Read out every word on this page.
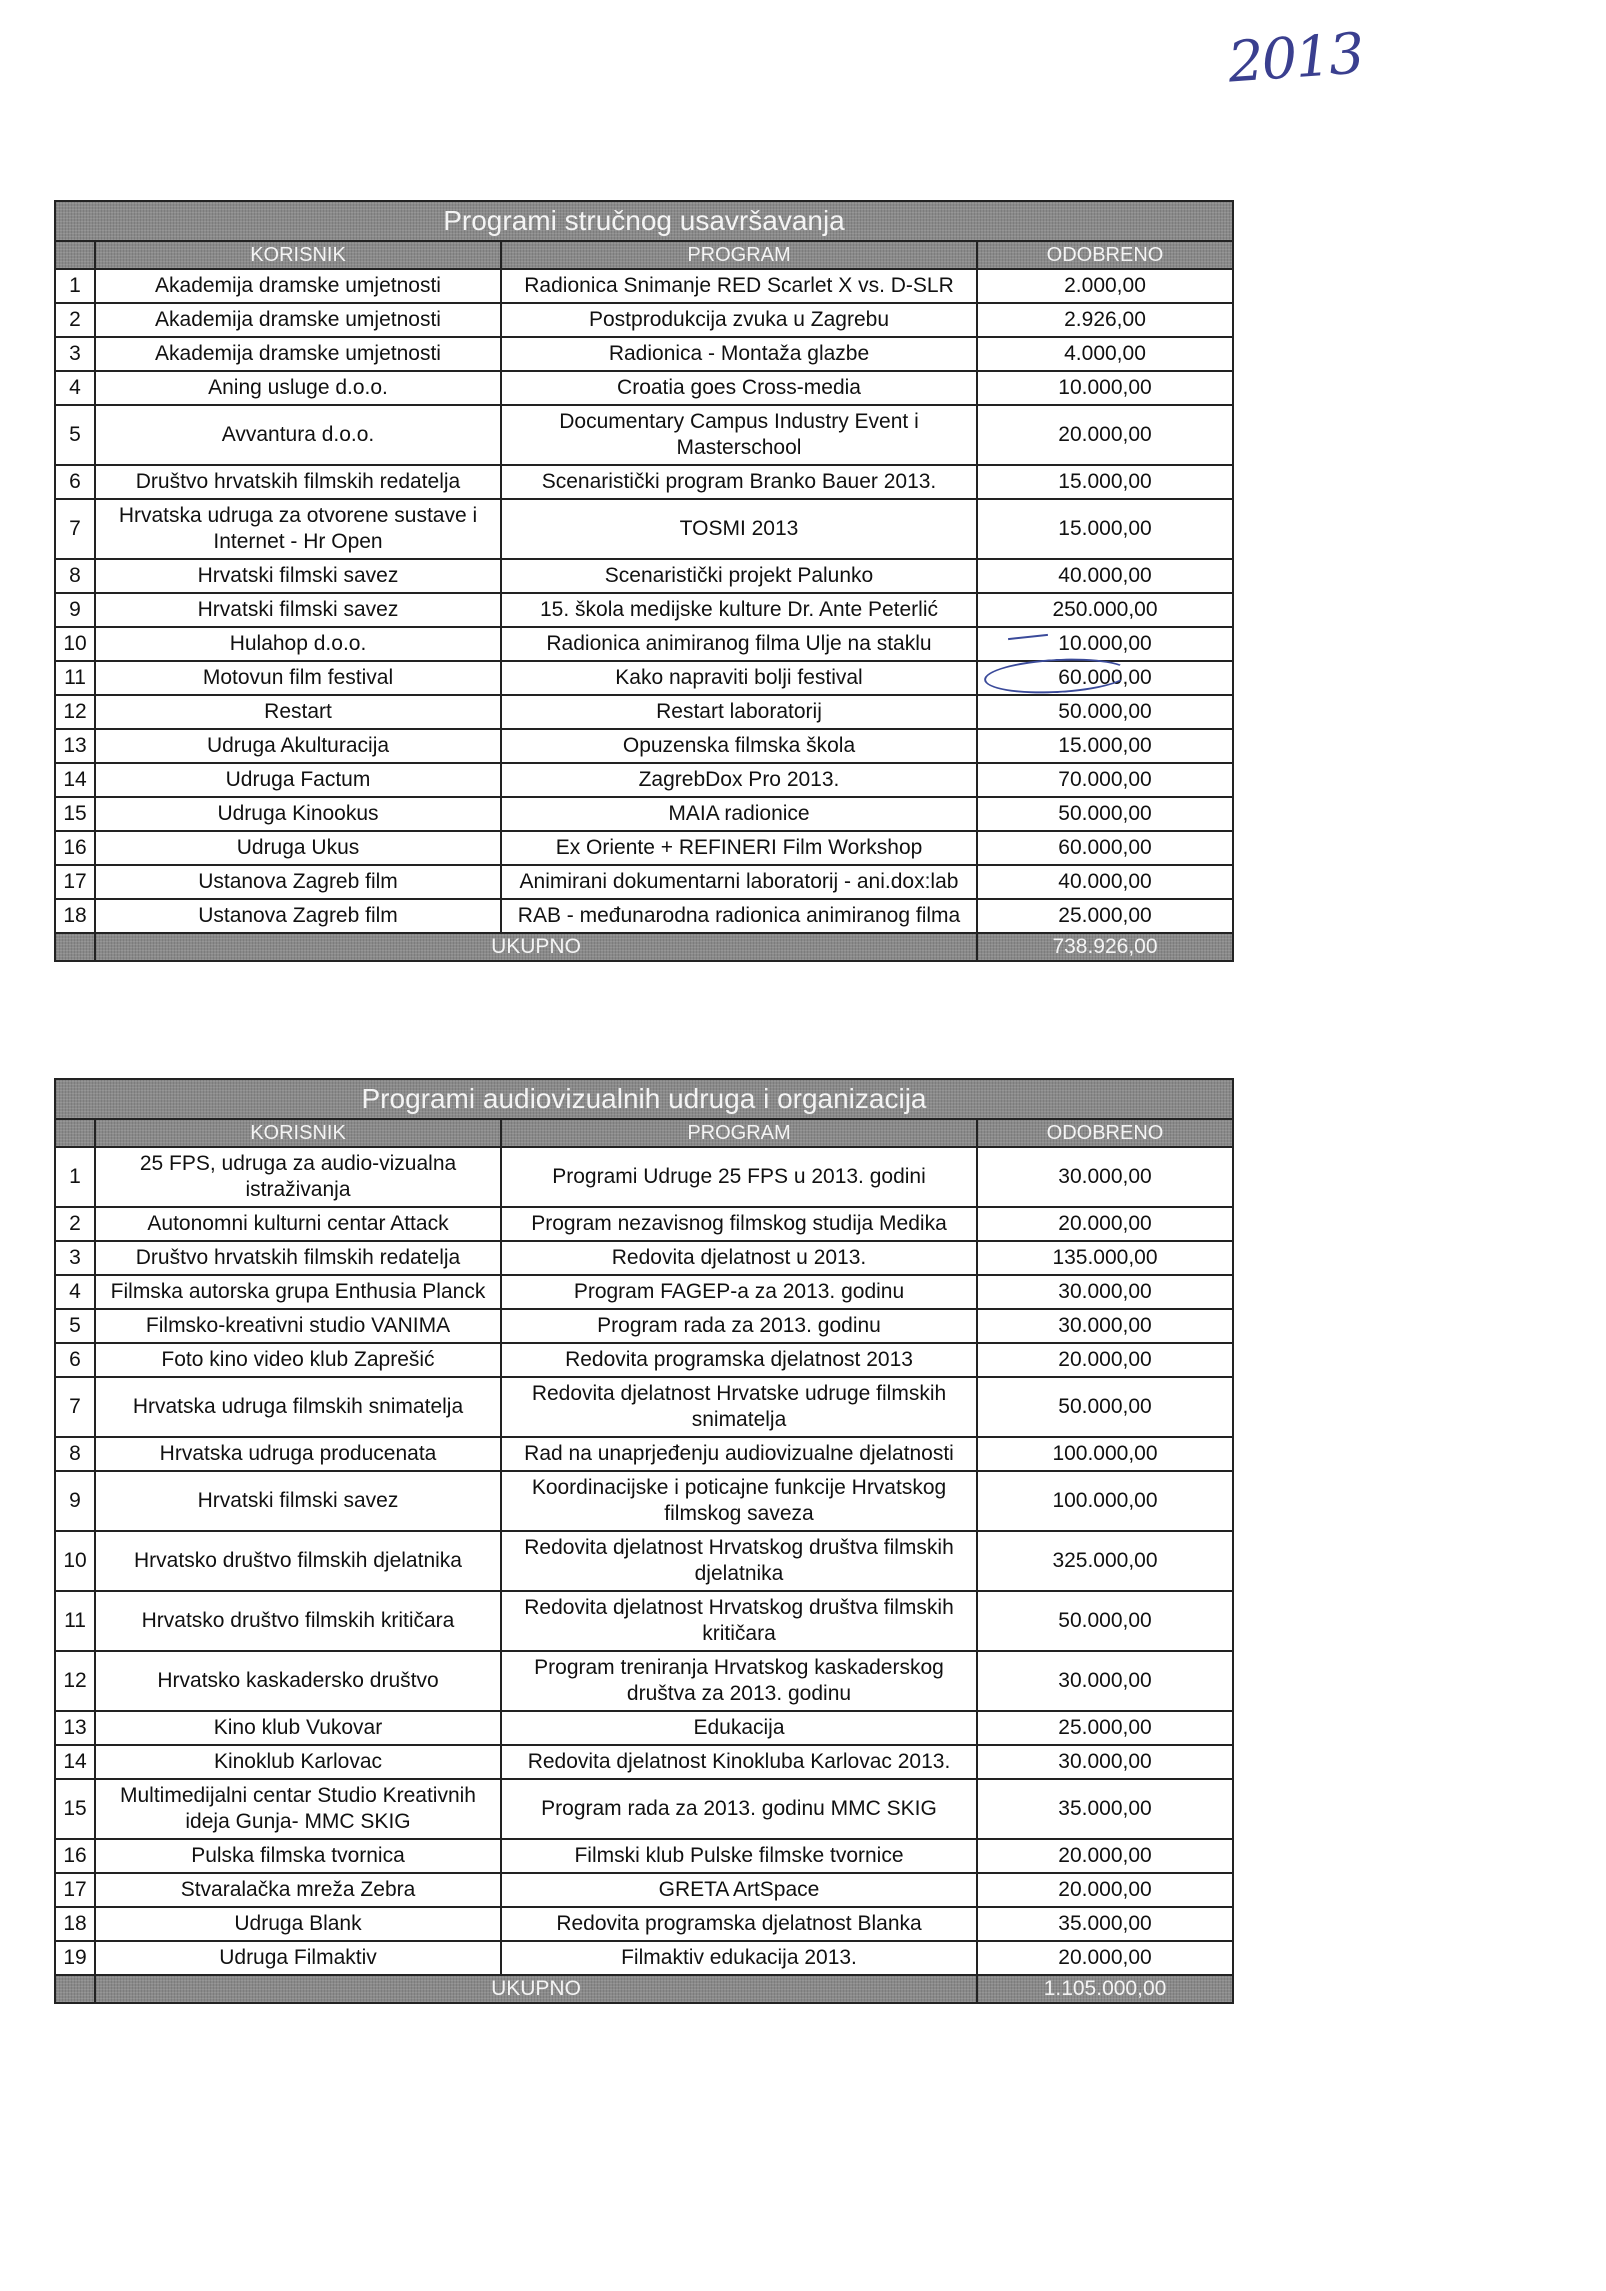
2013
Programi stručnog usavršavanja			
	KORISNIK	PROGRAM	ODOBRENO
1	Akademija dramske umjetnosti	Radionica Snimanje RED Scarlet X vs. D-SLR	2.000,00
2	Akademija dramske umjetnosti	Postprodukcija zvuka u Zagrebu	2.926,00
3	Akademija dramske umjetnosti	Radionica - Montaža glazbe	4.000,00
4	Aning usluge d.o.o.	Croatia goes Cross-media	10.000,00
5	Avvantura d.o.o.	Documentary Campus Industry Event i Masterschool	20.000,00
6	Društvo hrvatskih filmskih redatelja	Scenaristički program Branko Bauer 2013.	15.000,00
7	Hrvatska udruga za otvorene sustave i Internet - Hr Open	TOSMI 2013	15.000,00
8	Hrvatski filmski savez	Scenaristički projekt Palunko	40.000,00
9	Hrvatski filmski savez	15. škola medijske kulture Dr. Ante Peterlić	250.000,00
10	Hulahop d.o.o.	Radionica animiranog filma Ulje na staklu	10.000,00

11	Motovun film festival	Kako napraviti bolji festival	60.000,00

12	Restart	Restart laboratorij	50.000,00
13	Udruga Akulturacija	Opuzenska filmska škola	15.000,00
14	Udruga Factum	ZagrebDox Pro 2013.	70.000,00
15	Udruga Kinookus	MAIA radionice	50.000,00
16	Udruga Ukus	Ex Oriente + REFINERI Film Workshop	60.000,00
17	Ustanova Zagreb film	Animirani dokumentarni laboratorij - ani.dox:lab	40.000,00
18	Ustanova Zagreb film	RAB - međunarodna radionica animiranog filma	25.000,00
	UKUPNO		738.926,00
Programi audiovizualnih udruga i organizacija			
	KORISNIK	PROGRAM	ODOBRENO
1	25 FPS, udruga za audio-vizualna istraživanja	Programi Udruge 25 FPS u 2013. godini	30.000,00
2	Autonomni kulturni centar Attack	Program nezavisnog filmskog studija Medika	20.000,00
3	Društvo hrvatskih filmskih redatelja	Redovita djelatnost u 2013.	135.000,00
4	Filmska autorska grupa Enthusia Planck	Program FAGEP-a za 2013. godinu	30.000,00
5	Filmsko-kreativni studio VANIMA	Program rada za 2013. godinu	30.000,00
6	Foto kino video klub Zaprešić	Redovita programska djelatnost 2013	20.000,00
7	Hrvatska udruga filmskih snimatelja	Redovita djelatnost Hrvatske udruge filmskih snimatelja	50.000,00
8	Hrvatska udruga producenata	Rad na unaprjeđenju audiovizualne djelatnosti	100.000,00
9	Hrvatski filmski savez	Koordinacijske i poticajne funkcije Hrvatskog filmskog saveza	100.000,00
10	Hrvatsko društvo filmskih djelatnika	Redovita djelatnost Hrvatskog društva filmskih djelatnika	325.000,00
11	Hrvatsko društvo filmskih kritičara	Redovita djelatnost Hrvatskog društva filmskih kritičara	50.000,00
12	Hrvatsko kaskadersko društvo	Program treniranja Hrvatskog kaskaderskog društva za 2013. godinu	30.000,00
13	Kino klub Vukovar	Edukacija	25.000,00
14	Kinoklub Karlovac	Redovita djelatnost Kinokluba Karlovac 2013.	30.000,00
15	Multimedijalni centar Studio Kreativnih ideja Gunja- MMC SKIG	Program rada za 2013. godinu MMC SKIG	35.000,00
16	Pulska filmska tvornica	Filmski klub Pulske filmske tvornice	20.000,00
17	Stvaralačka mreža Zebra	GRETA ArtSpace	20.000,00
18	Udruga Blank	Redovita programska djelatnost Blanka	35.000,00
19	Udruga Filmaktiv	Filmaktiv edukacija 2013.	20.000,00
	UKUPNO		1.105.000,00
